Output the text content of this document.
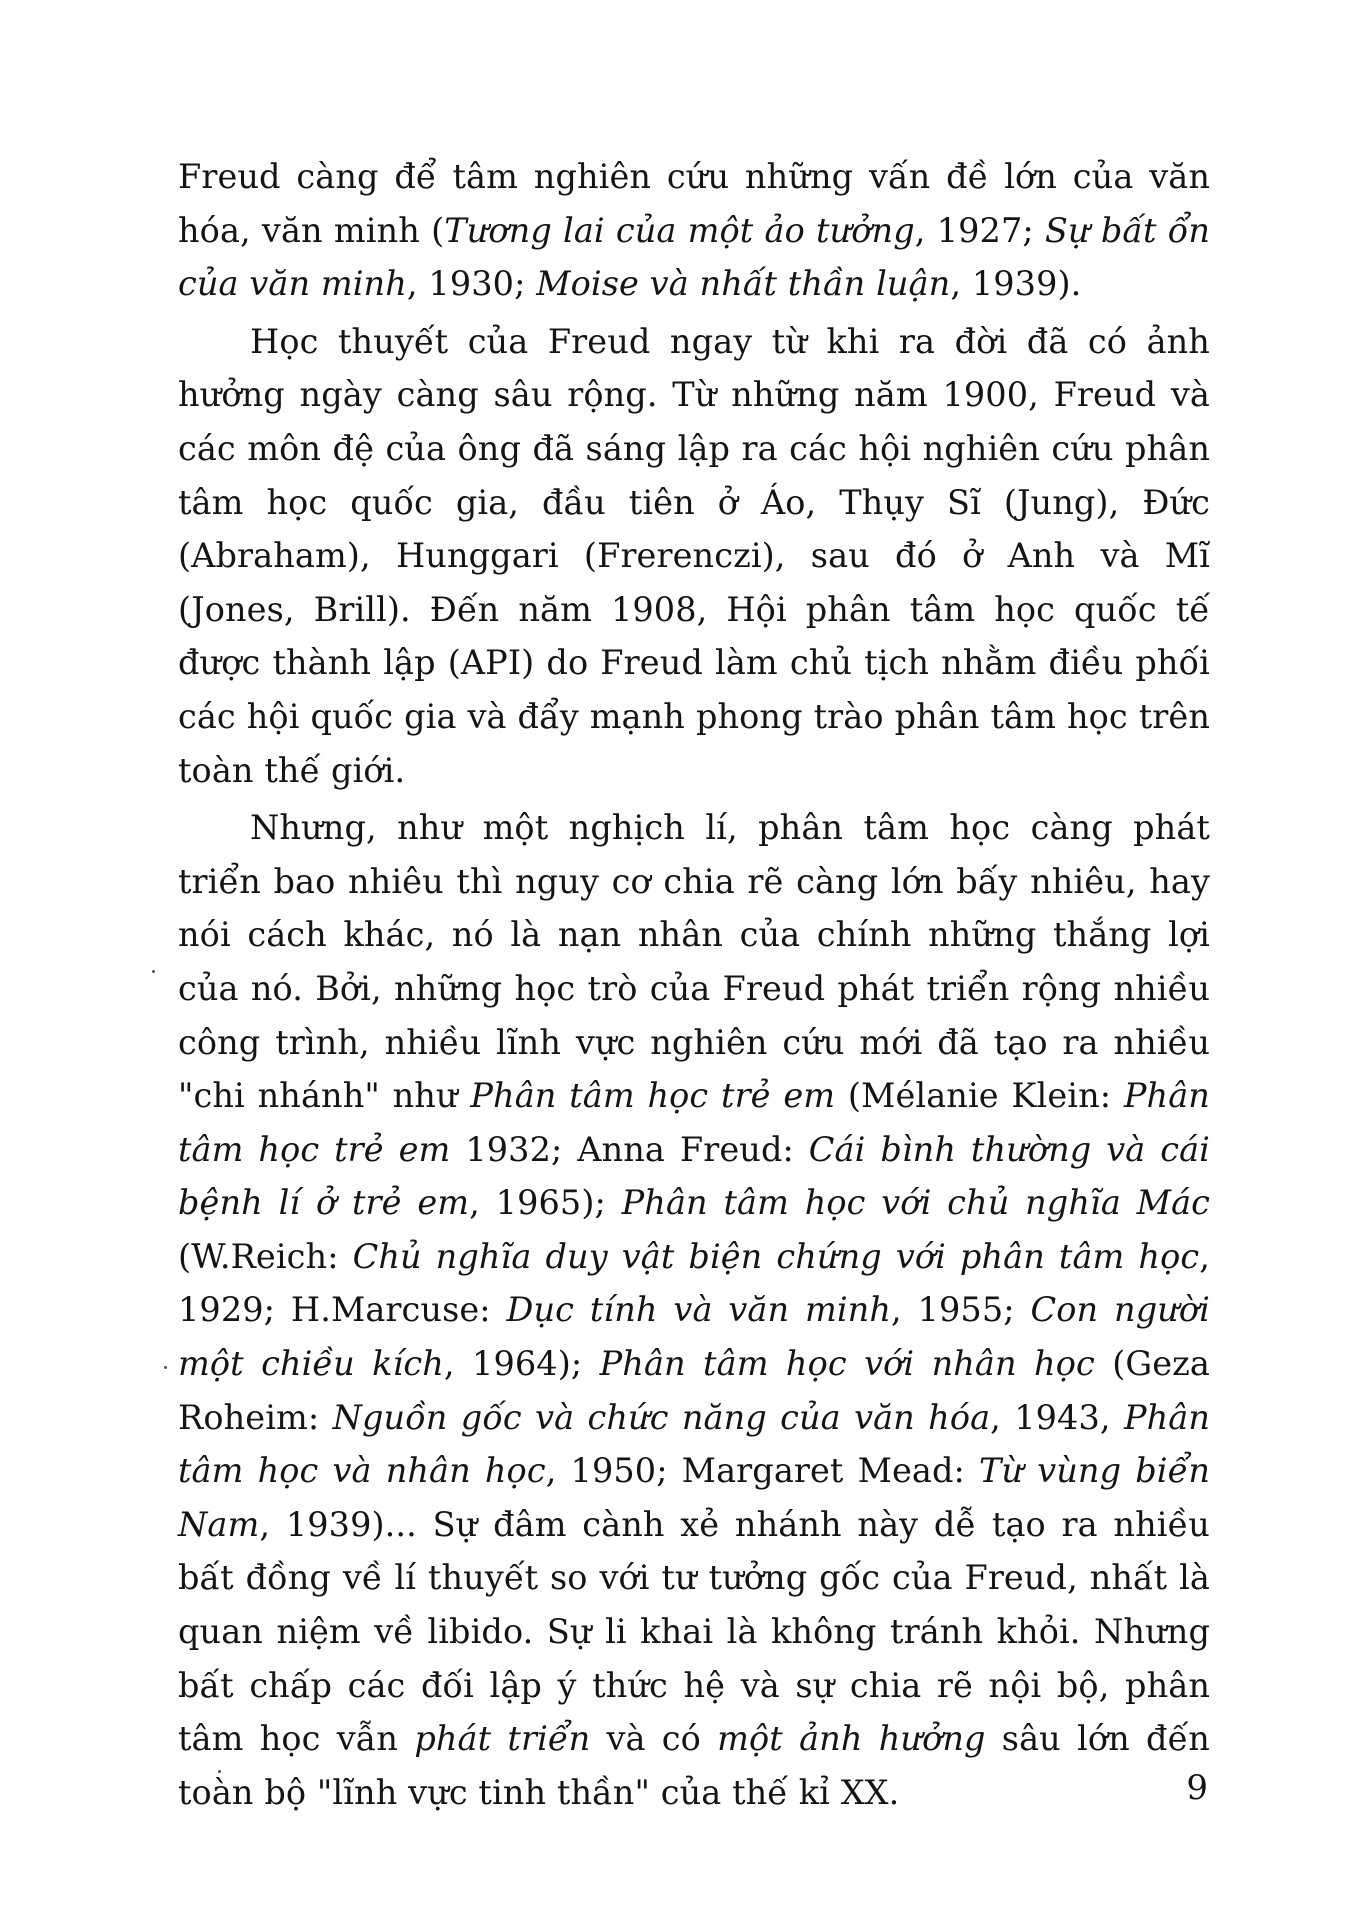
Freud càng để tâm nghiên cứu những vấn đề lớn của văn hóa, văn minh (Tương lai của một ảo tưởng, 1927; Sự bất ổn của văn minh, 1930; Moise và nhất thần luận, 1939).

Học thuyết của Freud ngay từ khi ra đời đã có ảnh hưởng ngày càng sâu rộng. Từ những năm 1900, Freud và các môn đệ của ông đã sáng lập ra các hội nghiên cứu phân tâm học quốc gia, đầu tiên ở Áo, Thụy Sĩ (Jung), Đức (Abraham), Hunggari (Frerenczi), sau đó ở Anh và Mĩ (Jones, Brill). Đến năm 1908, Hội phân tâm học quốc tế được thành lập (API) do Freud làm chủ tịch nhằm điều phối các hội quốc gia và đẩy mạnh phong trào phân tâm học trên toàn thế giới.

Nhưng, như một nghịch lí, phân tâm học càng phát triển bao nhiêu thì nguy cơ chia rẽ càng lớn bấy nhiêu, hay nói cách khác, nó là nạn nhân của chính những thắng lợi của nó. Bởi, những học trò của Freud phát triển rộng nhiều công trình, nhiều lĩnh vực nghiên cứu mới đã tạo ra nhiều "chi nhánh" như Phân tâm học trẻ em (Mélanie Klein: Phân tâm học trẻ em 1932; Anna Freud: Cái bình thường và cái bệnh lí ở trẻ em, 1965); Phân tâm học với chủ nghĩa Mác (W.Reich: Chủ nghĩa duy vật biện chứng với phân tâm học, 1929; H.Marcuse: Dục tính và văn minh, 1955; Con người một chiều kích, 1964); Phân tâm học với nhân học (Geza Roheim: Nguồn gốc và chức năng của văn hóa, 1943, Phân tâm học và nhân học, 1950; Margaret Mead: Từ vùng biển Nam, 1939)... Sự đâm cành xẻ nhánh này dễ tạo ra nhiều bất đồng về lí thuyết so với tư tưởng gốc của Freud, nhất là quan niệm về libido. Sự li khai là không tránh khỏi. Nhưng bất chấp các đối lập ý thức hệ và sự chia rẽ nội bộ, phân tâm học vẫn phát triển và có một ảnh hưởng sâu lớn đến toàn bộ "lĩnh vực tinh thần" của thế kỉ XX.	9
